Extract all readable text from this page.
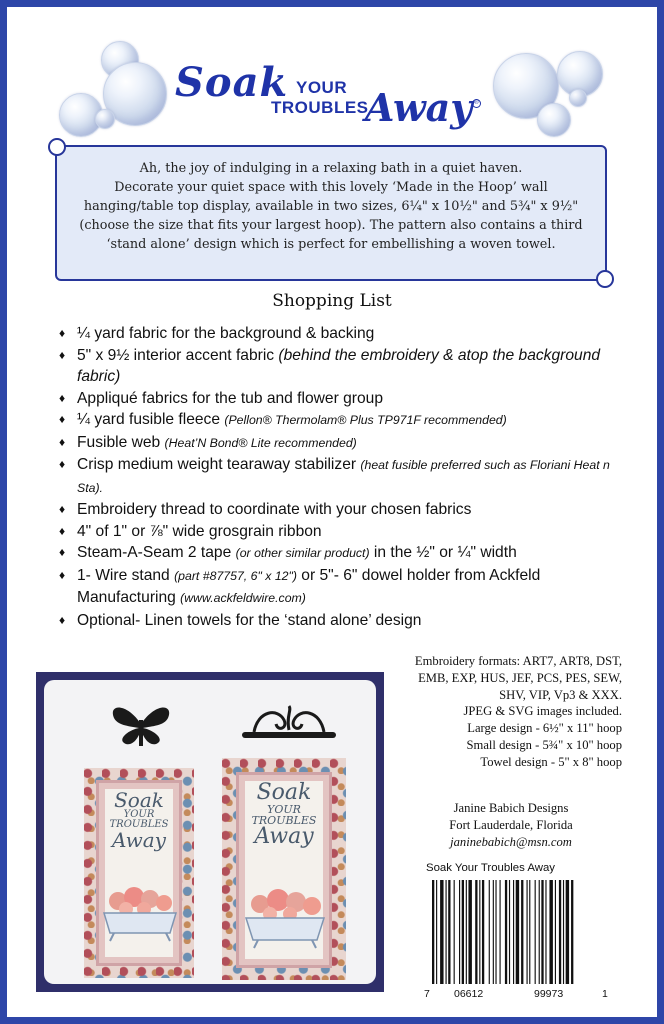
Soak YOUR
TROUBLES
Away ®
Ah, the joy of indulging in a relaxing bath in a quiet haven.
Decorate your quiet space with this lovely ‘Made in the Hoop’ wall
hanging/table top display, available in two sizes, 6¼" x 10½" and 5¾" x 9½"
(choose the size that fits your largest hoop). The pattern also contains a third
‘stand alone’ design which is perfect for embellishing a woven towel.
Shopping List
♦ ¼ yard fabric for the background & backing
♦ 5" x 9½ interior accent fabric (behind the embroidery & atop the background fabric)
♦ Appliqué fabrics for the tub and flower group
♦ ¼ yard fusible fleece (Pellon® Thermolam® Plus TP971F recommended)
♦ Fusible web (Heat’N Bond® Lite recommended)
♦ Crisp medium weight tearaway stabilizer (heat fusible preferred such as Floriani Heat n Sta).
♦ Embroidery thread to coordinate with your chosen fabrics
♦ 4" of 1" or ⅞" wide grosgrain ribbon
♦ Steam-A-Seam 2 tape (or other similar product) in the ½" or ¼" width
♦ 1- Wire stand (part #87757, 6" x 12") or 5"- 6" dowel holder from Ackfeld Manufacturing (www.ackfeldwire.com)
♦ Optional- Linen towels for the ‘stand alone’ design
Soak
YOUR
TROUBLES
Away
Soak
YOUR
TROUBLES
Away
Embroidery formats: ART7, ART8, DST,
EMB, EXP, HUS, JEF, PCS, PES, SEW,
SHV, VIP, Vp3 & XXX.
JPEG & SVG images included.
Large design - 6½" x 11" hoop
Small design - 5¾" x 10" hoop
Towel design - 5" x 8" hoop
Janine Babich Designs
Fort Lauderdale, Florida
janinebabich@msn.com
Soak Your Troubles Away
7 06612	99973	1
